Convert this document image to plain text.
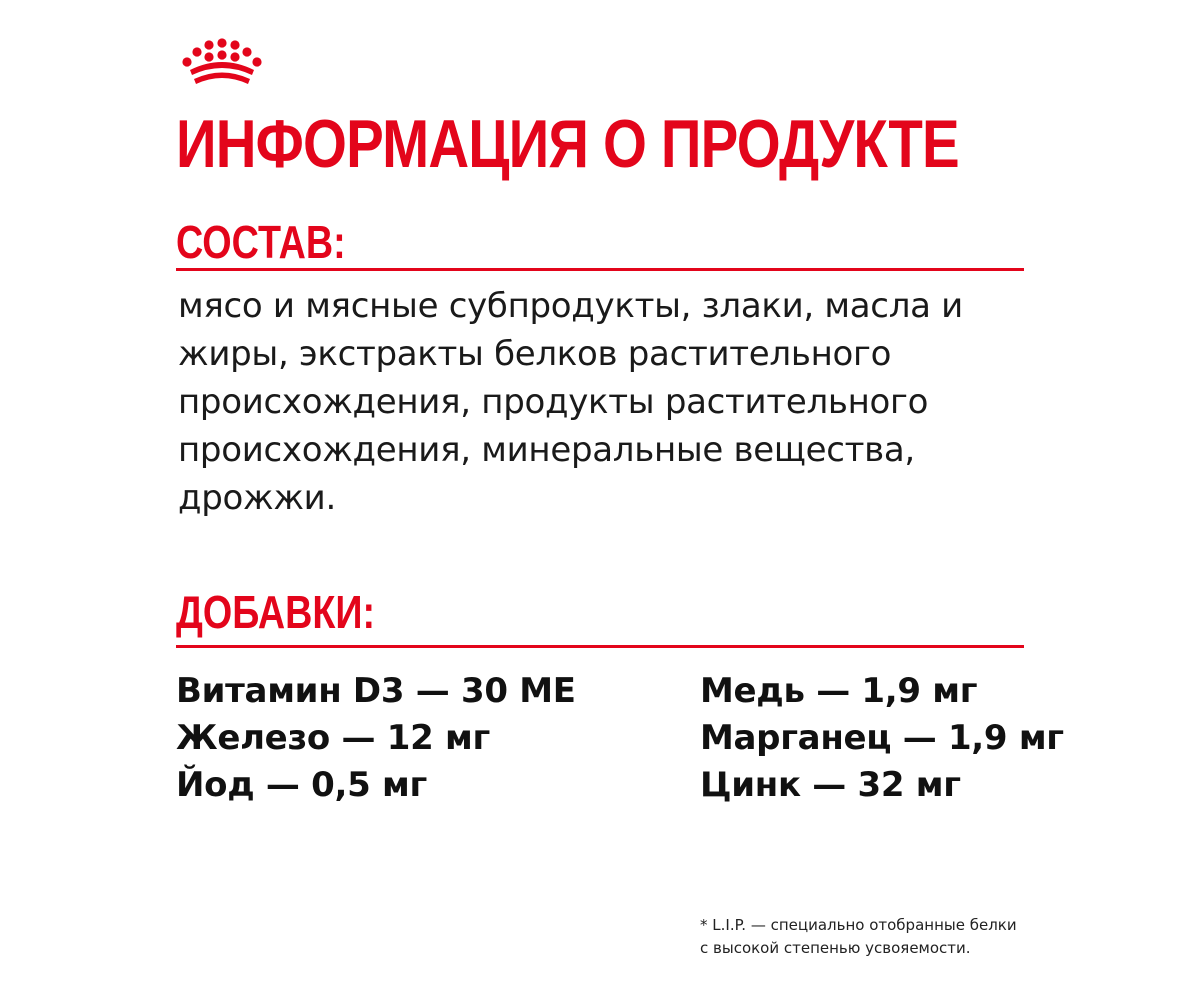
ИНФОРМАЦИЯ О ПРОДУКТЕ
СОСТАВ:

мясо и мясные субпродукты, злаки, масла и жиры, экстракты белков растительного происхождения, продукты растительного происхождения, минеральные вещества, дрожжи.

ДОБАВКИ:
Витамин D3 — 30 МЕ
Железо — 12 мг
Йод — 0,5 мг
Медь — 1,9 мг
Марганец — 1,9 мг
Цинк — 32 мг

* L.I.P. — специально отобранные белки
с высокой степенью усвояемости.
